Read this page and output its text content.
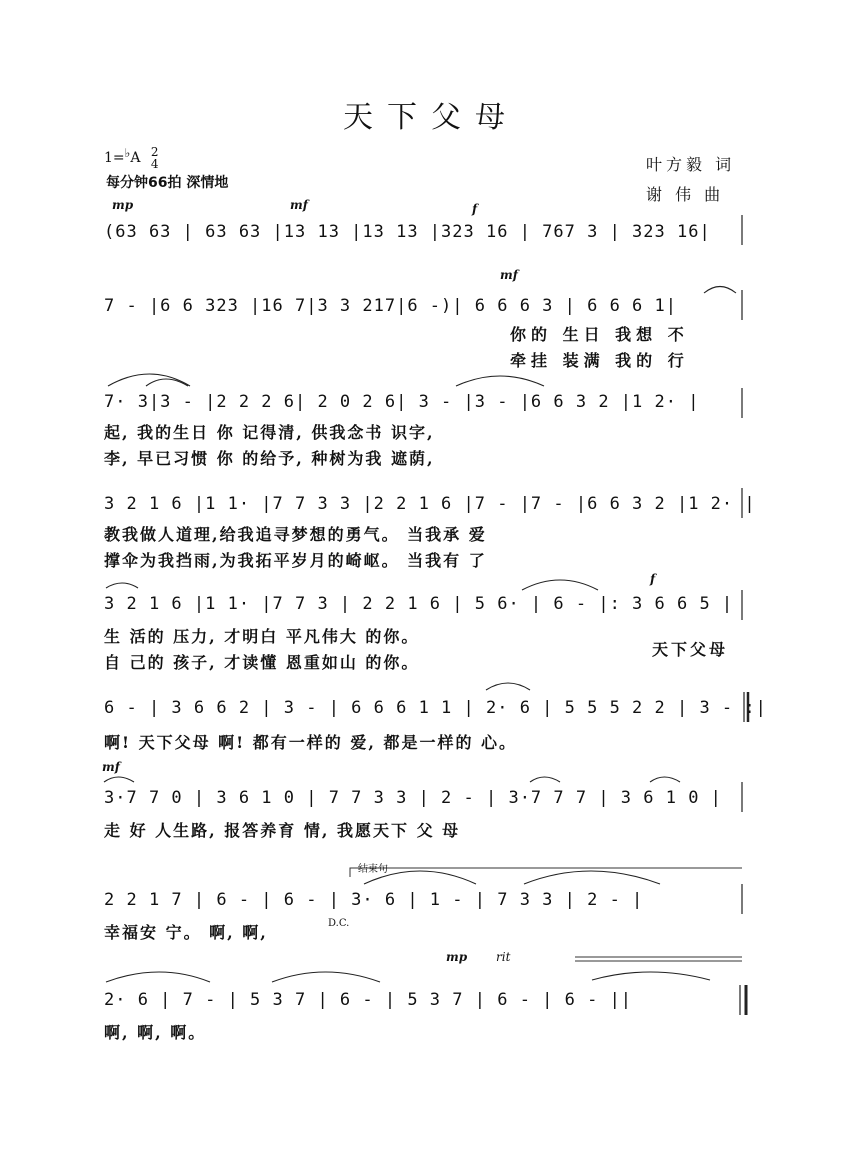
天下父母
1=♭A 2
4
每分钟66拍 深情地
叶方毅 词
谢 伟 曲
mp	mf	f
mf
f
mf
mp rit
结束句
D.C.
(63 63 | 63 63 |13 13 |13 13 |323 16 | 767 3 | 323 16|
7 - |6 6 323 |16 7|3 3 217|6 -)| 6 6 6 3 | 6 6 6 1|
你的 生日 我想 不
牵挂 装满 我的 行
7· 3|3 - |2 2 2 6| 2 0 2 6| 3 - |3 - |6 6 3 2 |1 2· |
起, 我的生日 你 记得清, 供我念书 识字,
李, 早已习惯 你 的给予, 种树为我 遮荫,
3 2 1 6 |1 1· |7 7 3 3 |2 2 1 6 |7 - |7 - |6 6 3 2 |1 2· |
教我做人道理,给我追寻梦想的勇气。 当我承 爱
撑伞为我挡雨,为我拓平岁月的崎岖。 当我有 了
3 2 1 6 |1 1· |7 7 3 | 2 2 1 6 | 5 6· | 6 - |: 3 6 6 5 |
生 活的 压力, 才明白 平凡伟大 的你。
自 己的 孩子, 才读懂 恩重如山 的你。
天下父母
6 - | 3 6 6 2 | 3 - | 6 6 6 1 1 | 2· 6 | 5 5 5 2 2 | 3 - :|
啊! 天下父母 啊! 都有一样的 爱, 都是一样的 心。
3·7 7 0 | 3 6 1 0 | 7 7 3 3 | 2 - | 3·7 7 7 | 3 6 1 0 |
走 好 人生路, 报答养育 情, 我愿天下 父 母
2 2 1 7 | 6 - | 6 - | 3· 6 | 1 - | 7 3 3 | 2 - |
幸福安 宁。 啊, 啊,
2· 6 | 7 - | 5 3 7 | 6 - | 5 3 7 | 6 - | 6 - ||
啊, 啊, 啊。
